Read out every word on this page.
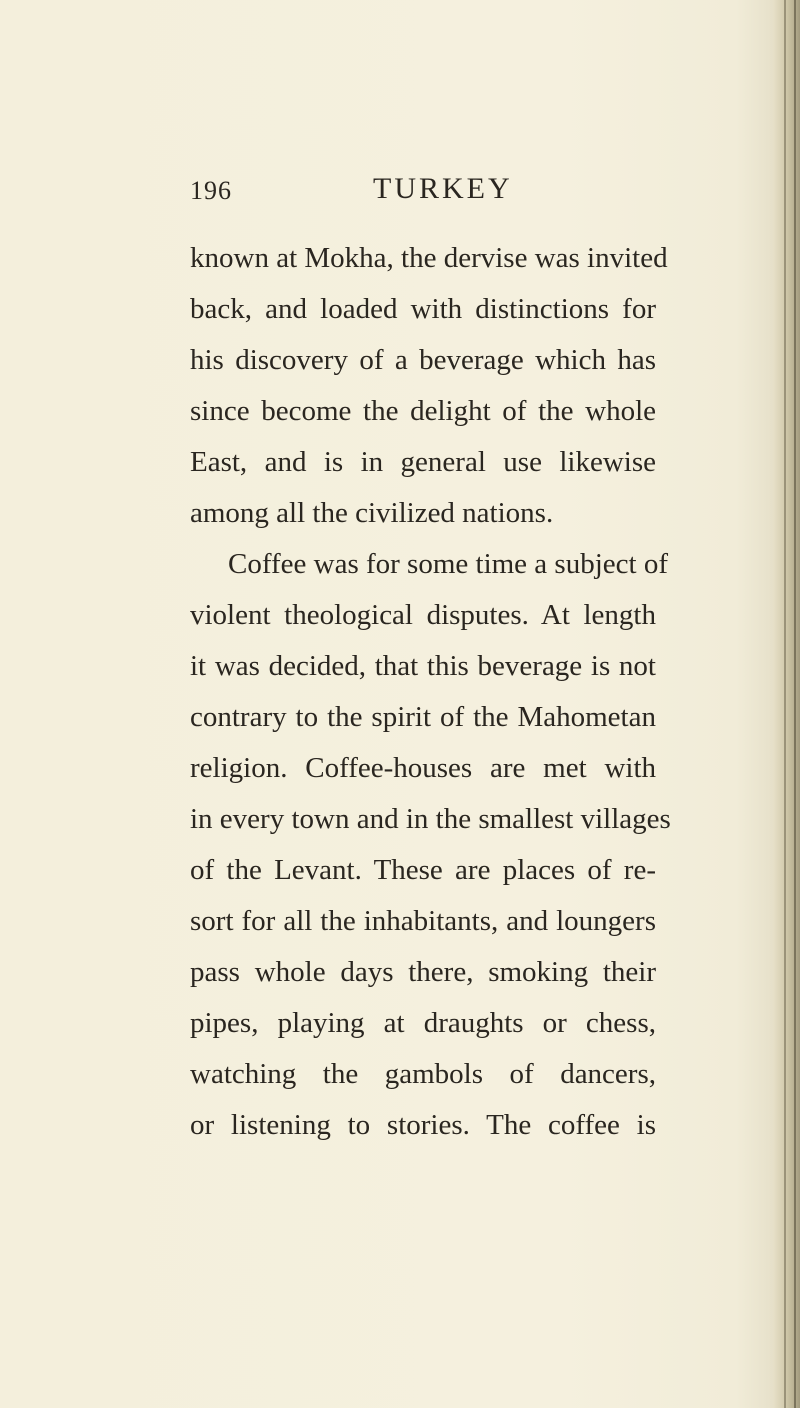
196	TURKEY
known at Mokha, the dervise was invited
back, and loaded with distinctions for
his discovery of a beverage which has
since become the delight of the whole
East, and is in general use likewise
among all the civilized nations.
Coffee was for some time a subject of
violent theological disputes. At length
it was decided, that this beverage is not
contrary to the spirit of the Mahometan
religion. Coffee-houses are met with
in every town and in the smallest villages
of the Levant. These are places of re-
sort for all the inhabitants, and loungers
pass whole days there, smoking their
pipes, playing at draughts or chess,
watching the gambols of dancers,
or listening to stories. The coffee is
